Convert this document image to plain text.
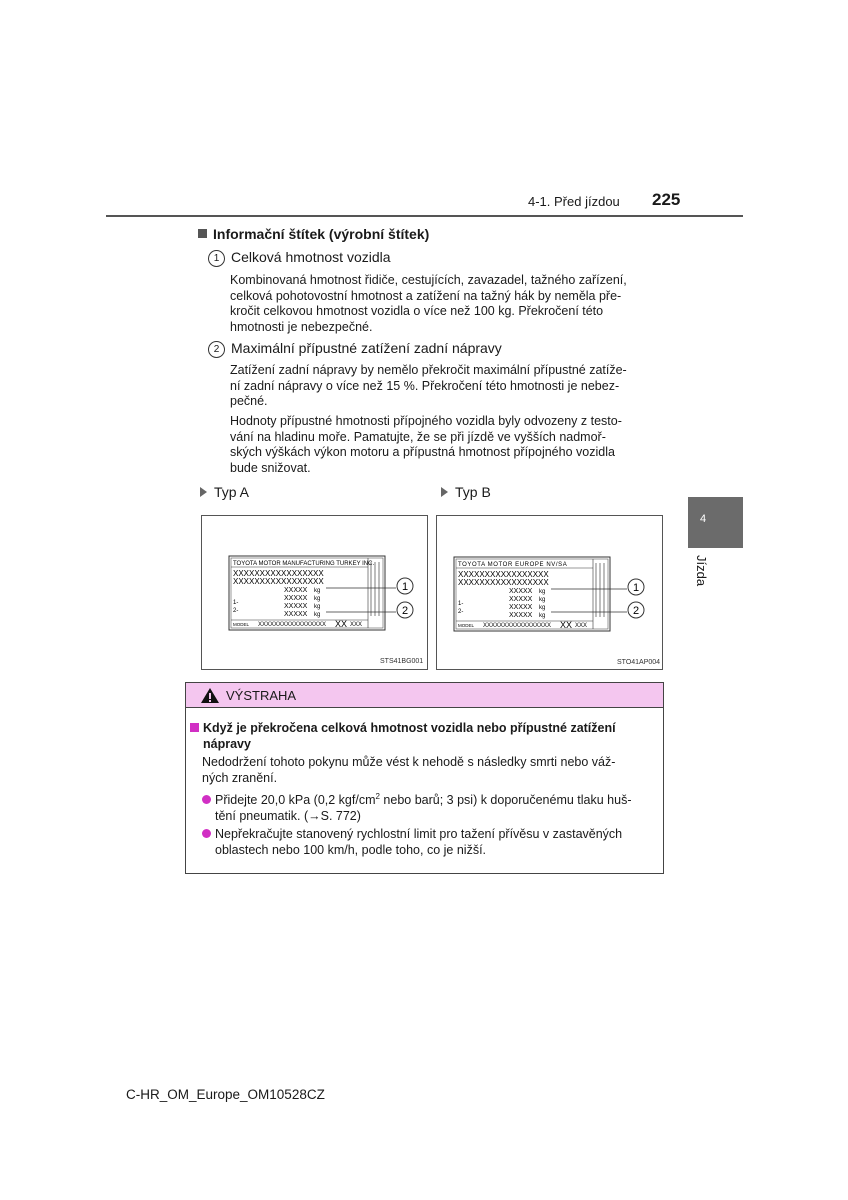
4-1. Před jízdou 225
4
Jízda
Informační štítek (výrobní štítek)
1 Celková hmotnost vozidla
Kombinovaná hmotnost řidiče, cestujících, zavazadel, tažného zařízení,
celková pohotovostní hmotnost a zatížení na tažný hák by neměla pře-
kročit celkovou hmotnost vozidla o více než 100 kg. Překročení této
hmotnosti je nebezpečné.
2 Maximální přípustné zatížení zadní nápravy
Zatížení zadní nápravy by nemělo překročit maximální přípustné zatíže-
ní zadní nápravy o více než 15 %. Překročení této hmotnosti je nebez-
pečné.
Hodnoty přípustné hmotnosti přípojného vozidla byly odvozeny z testo-
vání na hladinu moře. Pamatujte, že se při jízdě ve vyšších nadmoř-
ských výškách výkon motoru a přípustná hmotnost přípojného vozidla
bude snižovat.
Typ A	Typ B
TOYOTA MOTOR MANUFACTURING TURKEY INC.
XXXXXXXXXXXXXXXXX
XXXXXXXXXXXXXXXXX
XXXXX kg
XXXXX kg
1-	XXXXX kg
2-	XXXXX kg
MODEL XXXXXXXXXXXXXXXXX XX XXX
1
2
STS41BG001
TOYOTA MOTOR EUROPE NV/SA
XXXXXXXXXXXXXXXXX
XXXXXXXXXXXXXXXXX
XXXXX kg
XXXXX kg
1-	XXXXX kg
2-	XXXXX kg
MODEL XXXXXXXXXXXXXXXXX XX XXX
1
2
STO41AP004
VÝSTRAHA
Když je překročena celková hmotnost vozidla nebo přípustné zatížení
nápravy
Nedodržení tohoto pokynu může vést k nehodě s následky smrti nebo váž-
ných zranění.
Přidejte 20,0 kPa (0,2 kgf/$cm^2$ nebo barů; 3 psi) k doporučenému tlaku huš-
tění pneumatik. (→S. 772)
Nepřekračujte stanovený rychlostní limit pro tažení přívěsu v zastavěných
oblastech nebo 100 km/h, podle toho, co je nižší.
C-HR_OM_Europe_OM10528CZ
